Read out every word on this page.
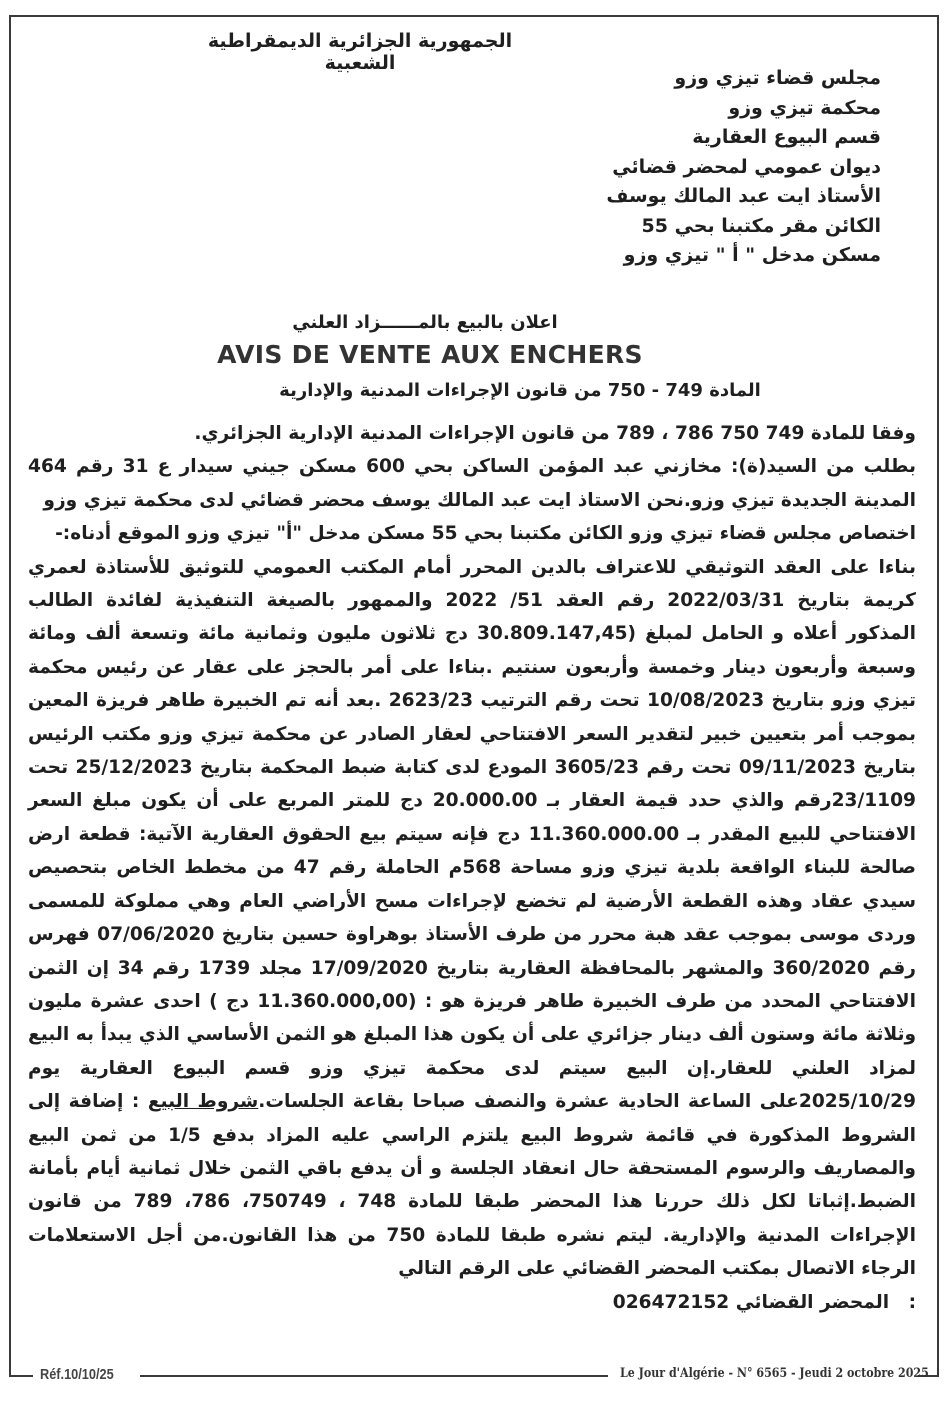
الجمهورية الجزائرية الديمقراطية الشعبية
مجلس قضاء تيزي وزو
محكمة تيزي وزو
قسم البيوع العقارية
ديوان عمومي لمحضر قضائي
الأستاذ ايت عبد المالك يوسف
الكائن مقر مكتبنا بحي 55
مسكن مدخل " أ " تيزي وزو
اعلان بالبيع بالمــــــزاد العلني
AVIS DE VENTE AUX ENCHERS
المادة 749 - 750 من قانون الإجراءات المدنية والإدارية

وفقا للمادة 749 750 786 ، 789 من قانون الإجراءات المدنية الإدارية الجزائري.

بطلب من السيد(ة): مخازني عبد المؤمن الساكن بحي 600 مسكن جيني سيدار ع 31 رقم 464 المدينة الجديدة تيزي وزو.نحن الاستاذ ايت عبد المالك يوسف محضر قضائي لدى محكمة تيزي وزو

اختصاص مجلس قضاء تيزي وزو الكائن مكتبنا بحي 55 مسكن مدخل "أ" تيزي وزو الموقع أدناه:-

بناءا على العقد التوثيقي للاعتراف بالدين المحرر أمام المكتب العمومي للتوثيق للأستاذة لعمري كريمة بتاريخ 2022/03/31 رقم العقد 51/ 2022 والممهور بالصيغة التنفيذية لفائدة الطالب المذكور أعلاه و الحامل لمبلغ (30.809.147,45 دج ثلاثون مليون وثمانية مائة وتسعة ألف ومائة وسبعة وأربعون دينار وخمسة وأربعون سنتيم .بناءا على أمر بالحجز على عقار عن رئيس محكمة تيزي وزو بتاريخ 10/08/2023 تحت رقم الترتيب 2623/23 .بعد أنه تم الخبيرة طاهر فريزة المعين بموجب أمر بتعيين خبير لتقدير السعر الافتتاحي لعقار الصادر عن محكمة تيزي وزو مكتب الرئيس بتاريخ 09/11/2023 تحت رقم 3605/23 المودع لدى كتابة ضبط المحكمة بتاريخ 25/12/2023 تحت 23/1109رقم والذي حدد قيمة العقار بـ 20.000.00 دج للمتر المربع على أن يكون مبلغ السعر الافتتاحي للبيع المقدر بـ 11.360.000.00 دج فإنه سيتم بيع الحقوق العقارية الآتية: قطعة ارض صالحة للبناء الواقعة بلدية تيزي وزو مساحة 568م الحاملة رقم 47 من مخطط الخاص بتحصيص سيدي عقاد وهذه القطعة الأرضية لم تخضع لإجراءات مسح الأراضي العام وهي مملوكة للمسمى وردى موسى بموجب عقد هبة محرر من طرف الأستاذ بوهراوة حسين بتاريخ 07/06/2020 فهرس رقم 360/2020 والمشهر بالمحافظة العقارية بتاريخ 17/09/2020 مجلد 1739 رقم 34 إن الثمن الافتتاحي المحدد من طرف الخبيرة طاهر فريزة هو : (11.360.000,00 دج ) احدى عشرة مليون وثلاثة مائة وستون ألف دينار جزائري على أن يكون هذا المبلغ هو الثمن الأساسي الذي يبدأ به البيع لمزاد العلني للعقار.إن البيع سيتم لدى محكمة تيزي وزو قسم البيوع العقارية يوم 2025/10/29على الساعة الحادية عشرة والنصف صباحا بقاعة الجلسات.شروط البيع : إضافة إلى الشروط المذكورة في قائمة شروط البيع يلتزم الراسي عليه المزاد بدفع 1/5 من ثمن البيع والمصاريف والرسوم المستحقة حال انعقاد الجلسة و أن يدفع باقي الثمن خلال ثمانية أيام بأمانة الضبط.إثباتا لكل ذلك حررنا هذا المحضر طبقا للمادة 748 ، 750749، 786، 789 من قانون الإجراءات المدنية والإدارية. ليتم نشره طبقا للمادة 750 من هذا القانون.من أجل الاستعلامات الرجاء الاتصال بمكتب المحضر القضائي على الرقم التالي

:   المحضر القضائي 026472152

Réf.10/10/25	Le Jour d'Algérie - N° 6565 - Jeudi 2 octobre 2025
